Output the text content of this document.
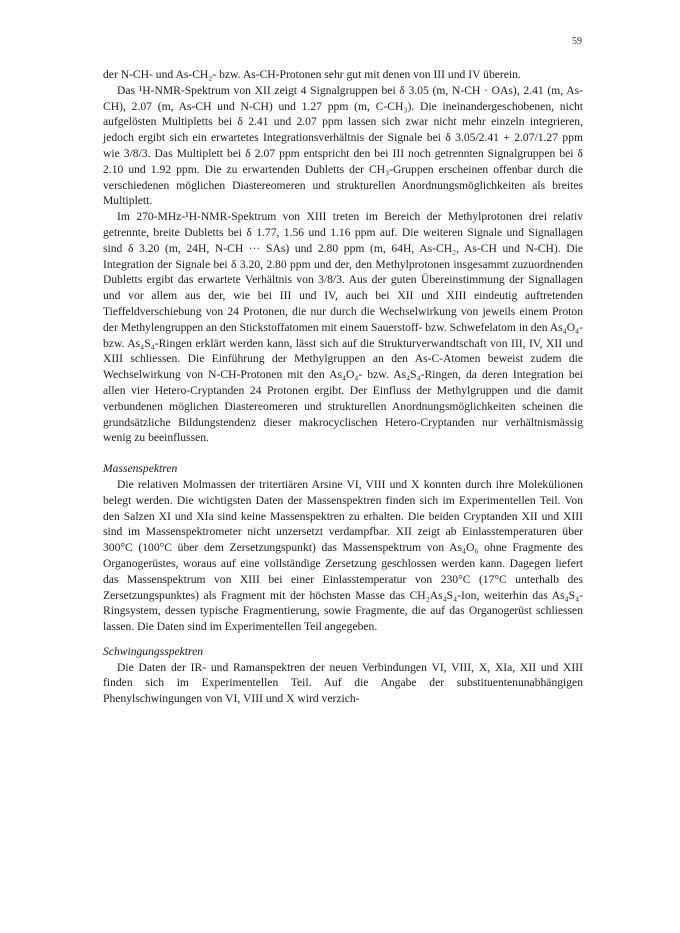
59

der N-CH- und As-CH₂- bzw. As-CH-Protonen sehr gut mit denen von III und IV überein.

Das ¹H-NMR-Spektrum von XII zeigt 4 Signalgruppen bei δ 3.05 (m, N-CH · OAs), 2.41 (m, As-CH), 2.07 (m, As-CH und N-CH) und 1.27 ppm (m, C-CH₃). Die ineinandergeschobenen, nicht aufgelösten Multipletts bei δ 2.41 und 2.07 ppm lassen sich zwar nicht mehr einzeln integrieren, jedoch ergibt sich ein erwartetes Integrationsverhältnis der Signale bei δ 3.05/2.41 + 2.07/1.27 ppm wie 3/8/3. Das Multiplett bei δ 2.07 ppm entspricht den bei III noch getrennten Signalgruppen bei δ 2.10 und 1.92 ppm. Die zu erwartenden Dubletts der CH₃-Gruppen erscheinen offenbar durch die verschiedenen möglichen Diastereomeren und strukturellen Anordnungsmöglichkeiten als breites Multiplett.

Im 270-MHz-¹H-NMR-Spektrum von XIII treten im Bereich der Methylprotonen drei relativ getrennte, breite Dubletts bei δ 1.77, 1.56 und 1.16 ppm auf. Die weiteren Signale und Signallagen sind δ 3.20 (m, 24H, N-CH ··· SAs) und 2.80 ppm (m, 64H, As-CH₂, As-CH und N-CH). Die Integration der Signale bei δ 3.20, 2.80 ppm und der, den Methylprotonen insgesammt zuzuordnenden Dubletts ergibt das erwartete Verhältnis von 3/8/3. Aus der guten Übereinstimmung der Signallagen und vor allem aus der, wie bei III und IV, auch bei XII und XIII eindeutig auftretenden Tieffeldverschiebung von 24 Protonen, die nur durch die Wechselwirkung von jeweils einem Proton der Methylengruppen an den Stickstoffatomen mit einem Sauerstoff- bzw. Schwefelatom in den As₄O₄- bzw. As₄S₄-Ringen erklärt werden kann, lässt sich auf die Strukturverwandtschaft von III, IV, XII und XIII schliessen. Die Einführung der Methylgruppen an den As-C-Atomen beweist zudem die Wechselwirkung von N-CH-Protonen mit den As₄O₄- bzw. As₄S₄-Ringen, da deren Integration bei allen vier Hetero-Cryptanden 24 Protonen ergibt. Der Einfluss der Methylgruppen und die damit verbundenen möglichen Diastereomeren und strukturellen Anordnungsmöglichkeiten scheinen die grundsätzliche Bildungstendenz dieser makrocyclischen Hetero-Cryptanden nur verhältnismässig wenig zu beeinflussen.

Massenspektren

Die relativen Molmassen der tritertiären Arsine VI, VIII und X konnten durch ihre Molekülionen belegt werden. Die wichtigsten Daten der Massenspektren finden sich im Experimentellen Teil. Von den Salzen XI und XIa sind keine Massenspektren zu erhalten. Die beiden Cryptanden XII und XIII sind im Massenspektrometer nicht unzersetzt verdampfbar. XII zeigt ab Einlasstemperaturen über 300°C (100°C über dem Zersetzungspunkt) das Massenspektrum von As₄O₆ ohne Fragmente des Organogerüstes, woraus auf eine vollständige Zersetzung geschlossen werden kann. Dagegen liefert das Massenspektrum von XIII bei einer Einlasstemperatur von 230°C (17°C unterhalb des Zersetzungspunktes) als Fragment mit der höchsten Masse das CH₂As₄S₄-Ion, weiterhin das As₄S₄-Ringsystem, dessen typische Fragmentierung, sowie Fragmente, die auf das Organogerüst schliessen lassen. Die Daten sind im Experimentellen Teil angegeben.

Schwingungsspektren

Die Daten der IR- und Ramanspektren der neuen Verbindungen VI, VIII, X, XIa, XII und XIII finden sich im Experimentellen Teil. Auf die Angabe der substituentenunabhängigen Phenylschwingungen von VI, VIII und X wird verzich-
